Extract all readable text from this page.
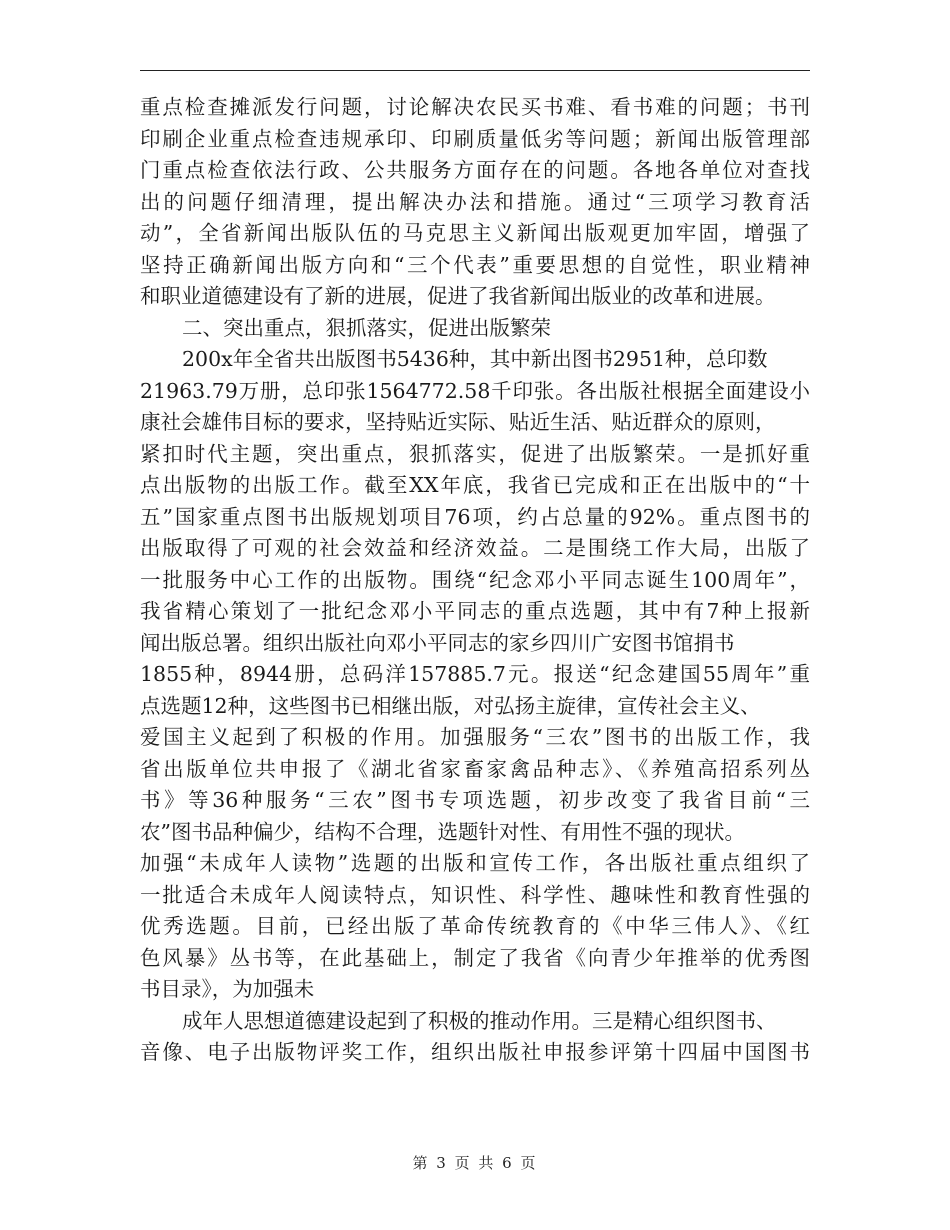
重点检查摊派发行问题，讨论解决农民买书难、看书难的问题；书刊
印刷企业重点检查违规承印、印刷质量低劣等问题；新闻出版管理部
门重点检查依法行政、公共服务方面存在的问题。各地各单位对查找
出的问题仔细清理，提出解决办法和措施。通过“三项学习教育活
动”，全省新闻出版队伍的马克思主义新闻出版观更加牢固，增强了
坚持正确新闻出版方向和“三个代表”重要思想的自觉性，职业精神
和职业道德建设有了新的进展，促进了我省新闻出版业的改革和进展。
二、突出重点，狠抓落实，促进出版繁荣
200x年全省共出版图书5436种，其中新出图书2951种，总印数
21963.79万册，总印张1564772.58千印张。各出版社根据全面建设小
康社会雄伟目标的要求，坚持贴近实际、贴近生活、贴近群众的原则，
紧扣时代主题，突出重点，狠抓落实，促进了出版繁荣。一是抓好重
点出版物的出版工作。截至XX年底，我省已完成和正在出版中的“十
五”国家重点图书出版规划项目76项，约占总量的92%。重点图书的
出版取得了可观的社会效益和经济效益。二是围绕工作大局，出版了
一批服务中心工作的出版物。围绕“纪念邓小平同志诞生100周年”，
我省精心策划了一批纪念邓小平同志的重点选题，其中有7种上报新
闻出版总署。组织出版社向邓小平同志的家乡四川广安图书馆捐书
1855种，8944册，总码洋157885.7元。报送“纪念建国55周年”重
点选题12种，这些图书已相继出版，对弘扬主旋律，宣传社会主义、
爱国主义起到了积极的作用。加强服务“三农”图书的出版工作，我
省出版单位共申报了《湖北省家畜家禽品种志》、《养殖高招系列丛
书》等36种服务“三农”图书专项选题，初步改变了我省目前“三
农”图书品种偏少，结构不合理，选题针对性、有用性不强的现状。
加强“未成年人读物”选题的出版和宣传工作，各出版社重点组织了
一批适合未成年人阅读特点，知识性、科学性、趣味性和教育性强的
优秀选题。目前，已经出版了革命传统教育的《中华三伟人》、《红
色风暴》丛书等，在此基础上，制定了我省《向青少年推举的优秀图
书目录》，为加强未
成年人思想道德建设起到了积极的推动作用。三是精心组织图书、
音像、电子出版物评奖工作，组织出版社申报参评第十四届中国图书
第 3 页 共 6 页
